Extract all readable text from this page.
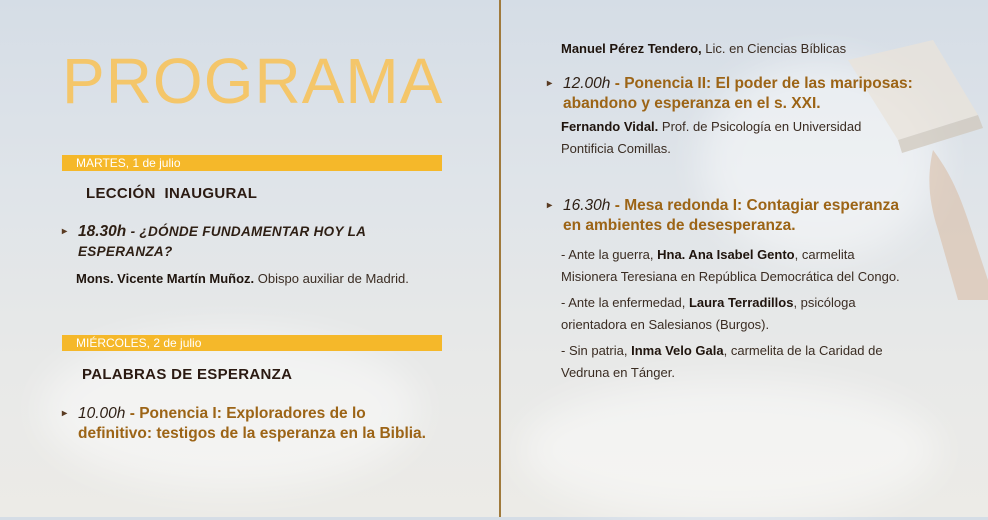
PROGRAMA
MARTES, 1 de julio
LECCIÓN  INAUGURAL
▸ 18.30h - ¿DÓNDE FUNDAMENTAR HOY LA ESPERANZA?
Mons. Vicente Martín Muñoz. Obispo auxiliar de Madrid.
MIÉRCOLES, 2 de julio
PALABRAS DE ESPERANZA
▸ 10.00h - Ponencia I: Exploradores de lo definitivo: testigos de la esperanza en la Biblia.
Manuel Pérez Tendero, Lic. en Ciencias Bíblicas
▸ 12.00h - Ponencia II: El poder de las mariposas: abandono y esperanza en el s. XXI.
Fernando Vidal. Prof. de Psicología en Universidad Pontificia Comillas.
▸ 16.30h - Mesa redonda I: Contagiar esperanza en ambientes de desesperanza.
- Ante la guerra, Hna. Ana Isabel Gento, carmelita Misionera Teresiana en República Democrática del Congo.
- Ante la enfermedad, Laura Terradillos, psicóloga orientadora en Salesianos (Burgos).
- Sin patria, Inma Velo Gala, carmelita de la Caridad de Vedruna en Tánger.
